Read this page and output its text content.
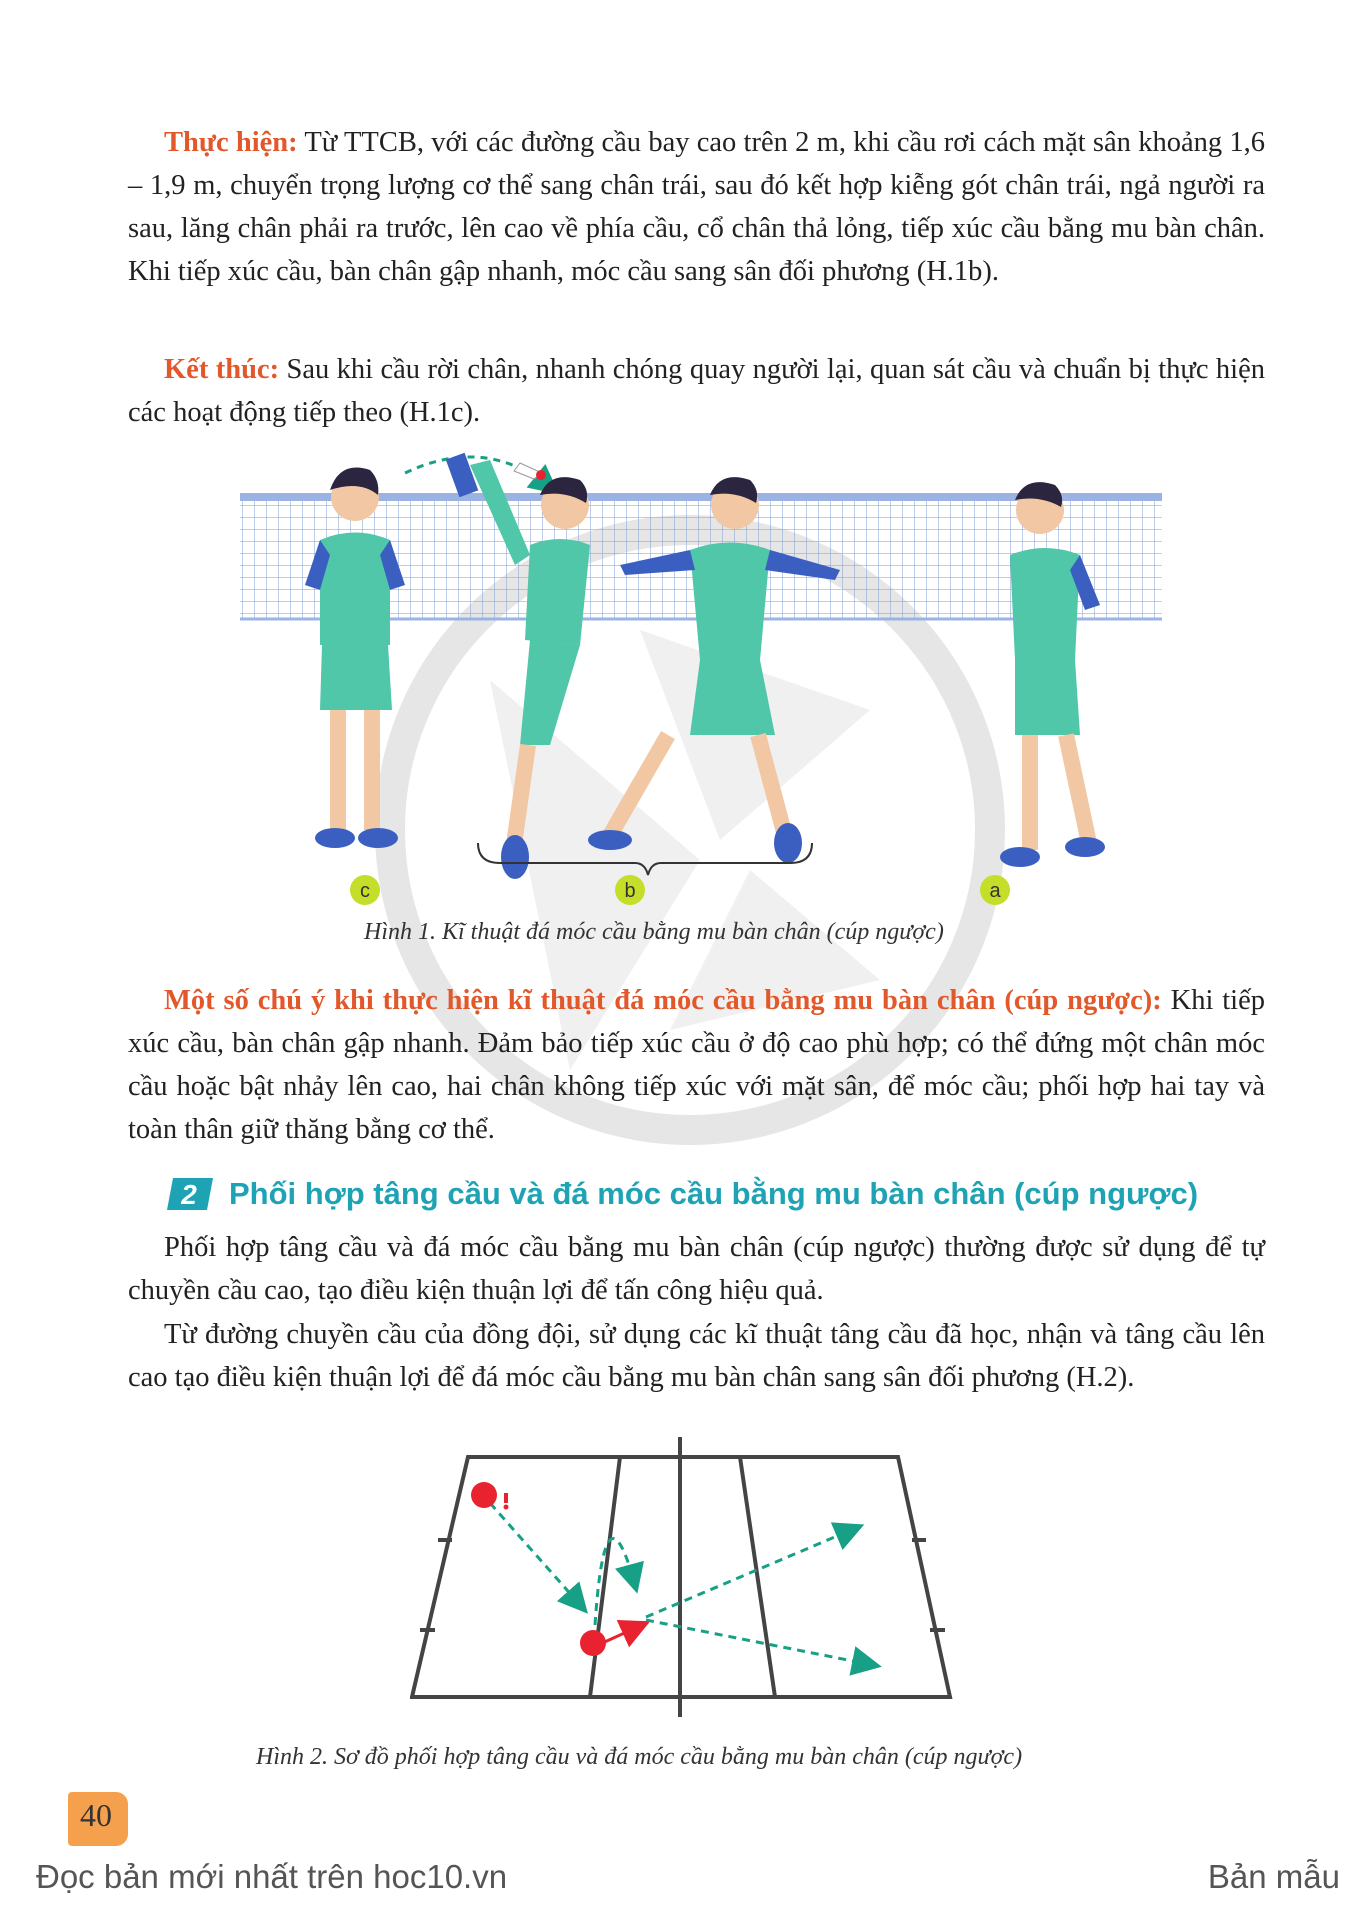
Thực hiện: Từ TTCB, với các đường cầu bay cao trên 2 m, khi cầu rơi cách mặt sân khoảng 1,6 – 1,9 m, chuyển trọng lượng cơ thể sang chân trái, sau đó kết hợp kiễng gót chân trái, ngả người ra sau, lăng chân phải ra trước, lên cao về phía cầu, cổ chân thả lỏng, tiếp xúc cầu bằng mu bàn chân. Khi tiếp xúc cầu, bàn chân gập nhanh, móc cầu sang sân đối phương (H.1b).

Kết thúc: Sau khi cầu rời chân, nhanh chóng quay người lại, quan sát cầu và chuẩn bị thực hiện các hoạt động tiếp theo (H.1c).

c	b	a
Hình 1. Kĩ thuật đá móc cầu bằng mu bàn chân (cúp ngược)

Một số chú ý khi thực hiện kĩ thuật đá móc cầu bằng mu bàn chân (cúp ngược): Khi tiếp xúc cầu, bàn chân gập nhanh. Đảm bảo tiếp xúc cầu ở độ cao phù hợp; có thể đứng một chân móc cầu hoặc bật nhảy lên cao, hai chân không tiếp xúc với mặt sân, để móc cầu; phối hợp hai tay và toàn thân giữ thăng bằng cơ thể.

2 Phối hợp tâng cầu và đá móc cầu bằng mu bàn chân (cúp ngược)

Phối hợp tâng cầu và đá móc cầu bằng mu bàn chân (cúp ngược) thường được sử dụng để tự chuyền cầu cao, tạo điều kiện thuận lợi để tấn công hiệu quả.

Từ đường chuyền cầu của đồng đội, sử dụng các kĩ thuật tâng cầu đã học, nhận và tâng cầu lên cao tạo điều kiện thuận lợi để đá móc cầu bằng mu bàn chân sang sân đối phương (H.2).

Hình 2. Sơ đồ phối hợp tâng cầu và đá móc cầu bằng mu bàn chân (cúp ngược)
40
Đọc bản mới nhất trên hoc10.vn	Bản mẫu
